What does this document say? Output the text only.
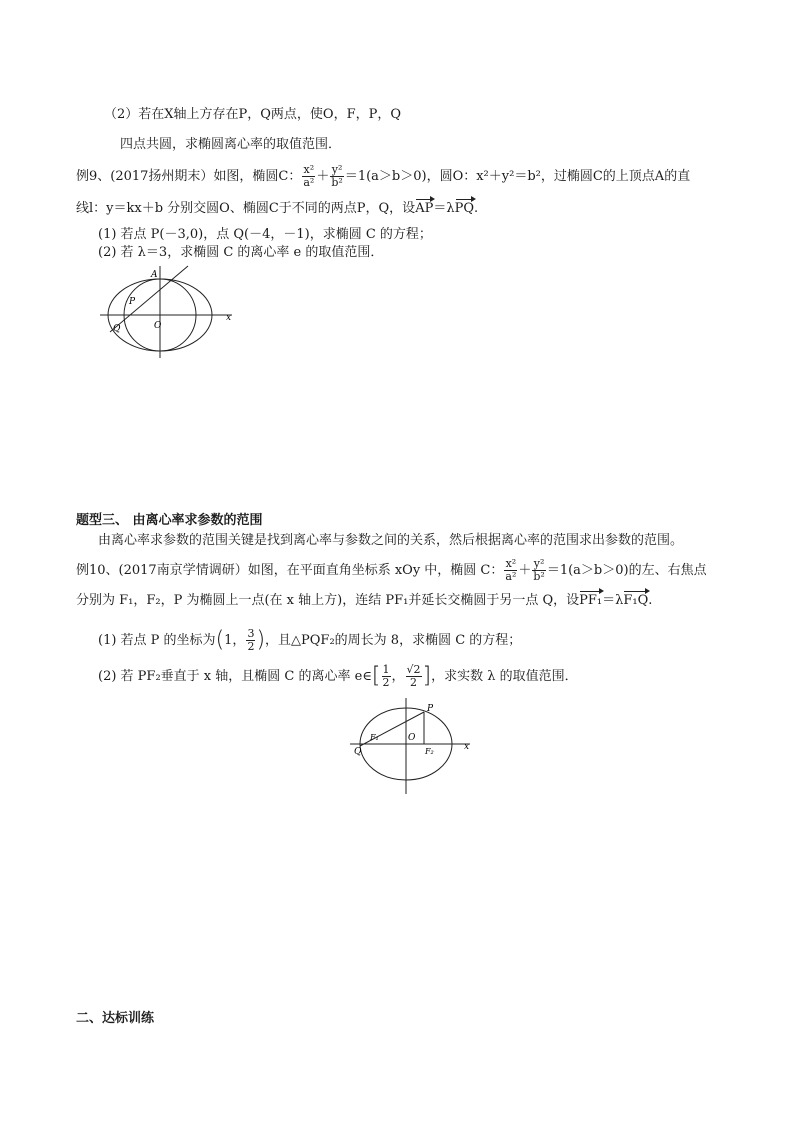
（2）若在X轴上方存在P，Q两点，使O，F，P，Q
四点共圆，求椭圆离心率的取值范围．
例9、(2017扬州期末）如图，椭圆C： $\frac{\text{x²}}{\text{a²}} + \frac{\text{y²}}{\text{b²}} =1(a>b>0)$，圆O：x²＋y²＝b²，过椭圆C的上顶点A的直
线l：y＝kx＋b 分别交圆O、椭圆C于不同的两点P，Q，设AP＝λPQ.
(1) 若点 P(－3,0)，点 Q(－4，－1)，求椭圆 C 的方程；
(2) 若 λ＝3，求椭圆 C 的离心率 e 的取值范围．
A
P
O
Q
x
题型三、 由离心率求参数的范围
由离心率求参数的范围关键是找到离心率与参数之间的关系，然后根据离心率的范围求出参数的范围。
例10、(2017南京学情调研）如图，在平面直角坐标系 xOy 中，椭圆 C： $\frac{\text{x²}}{\text{a²}} + \frac{\text{y²}}{\text{b²}} =1(a>b>0)$的左、右焦点
分别为 F₁，F₂，P 为椭圆上一点(在 x 轴上方)，连结 PF₁并延长交椭圆于另一点 Q，设PF₁＝λF₁Q.
(1) 若点 P 的坐标为(1， $\frac{3}{2}$ )，且△PQF₂的周长为 8，求椭圆 C 的方程；
(2) 若 PF₂垂直于 x 轴，且椭圆 C 的离心率 e∈[ $\frac{1}{2}$ ， $\frac{√2}{2}$ ]，求实数 λ 的取值范围．
P
F₁	O
F₂
Q	x
二、达标训练
